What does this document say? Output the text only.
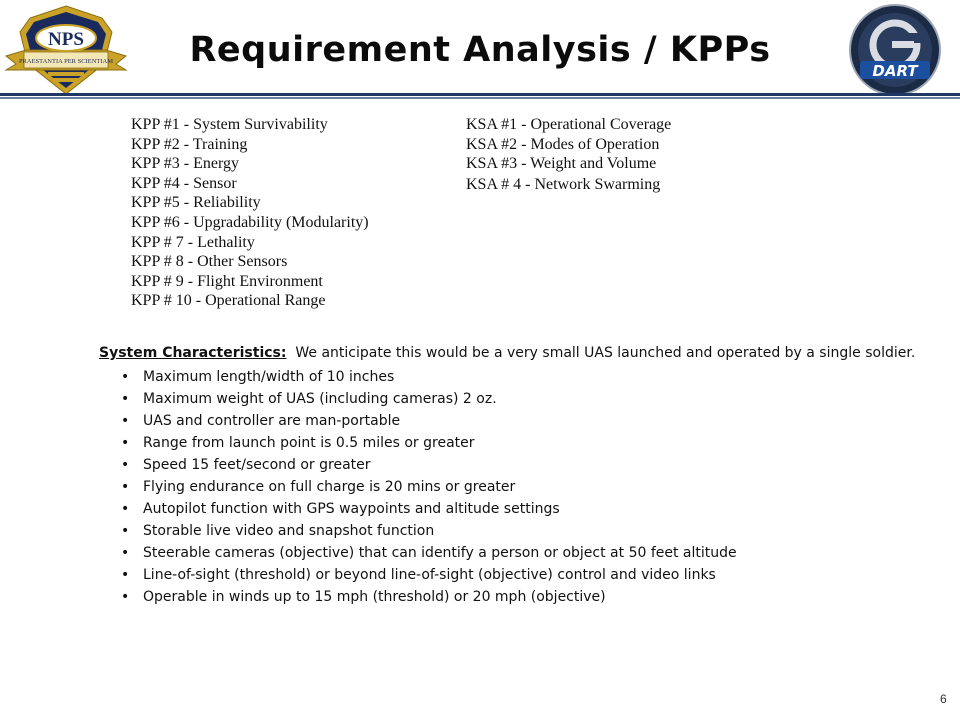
PRAESTANTIA PER SCIENTIAM
NPS	Requirement Analysis / KPPs
DART
KPP #1 - System Survivability
KPP #2 - Training
KPP #3 - Energy
KPP #4 - Sensor
KPP #5 - Reliability
KPP #6 - Upgradability (Modularity)
KPP # 7 - Lethality
KPP # 8 - Other Sensors
KPP # 9 - Flight Environment
KPP # 10 - Operational Range
KSA #1 - Operational Coverage
KSA #2 - Modes of Operation
KSA #3 - Weight and Volume
KSA # 4 - Network Swarming
System Characteristics: We anticipate this would be a very small UAS launched and operated by a single soldier.
• Maximum length/width of 10 inches
• Maximum weight of UAS (including cameras) 2 oz.
• UAS and controller are man-portable
• Range from launch point is 0.5 miles or greater
• Speed 15 feet/second or greater
• Flying endurance on full charge is 20 mins or greater
• Autopilot function with GPS waypoints and altitude settings
• Storable live video and snapshot function
• Steerable cameras (objective) that can identify a person or object at 50 feet altitude
• Line-of-sight (threshold) or beyond line-of-sight (objective) control and video links
• Operable in winds up to 15 mph (threshold) or 20 mph (objective)
6
